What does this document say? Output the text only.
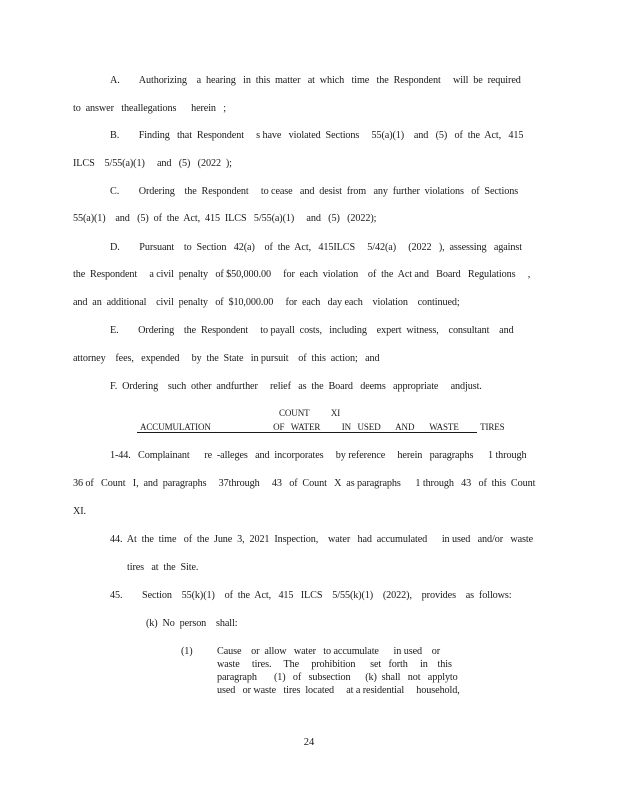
A.        Authorizing    a  hearing   in  this  matter   at  which   time   the  Respondent     will  be  required
to  answer   theallegations      herein   ;
B.        Finding   that  Respondent     s have   violated  Sections     55(a)(1)    and   (5)   of  the  Act,   415
ILCS    5/55(a)(1)     and   (5)   (2022  );
C.        Ordering    the  Respondent     to cease   and  desist  from   any  further  violations   of  Sections
55(a)(1)    and   (5)  of  the  Act,  415  ILCS   5/55(a)(1)     and   (5)   (2022);
D.        Pursuant    to  Section   42(a)    of  the  Act,   415ILCS     5/42(a)     (2022   ),  assessing   against
the  Respondent     a civil  penalty   of $50,000.00     for  each  violation    of  the  Act and   Board   Regulations     ,
and  an  additional    civil  penalty   of  $10,000.00     for  each   day each    violation    continued;
E.        Ordering    the  Respondent     to payall  costs,   including    expert  witness,    consultant    and
attorney    fees,   expended     by  the  State   in pursuit    of  this  action;   and
F.  Ordering    such  other  andfurther     relief   as  the  Board   deems   appropriate     andjust.
COUNT          XI
ACCUMULATION                             OF   WATER          IN   USED       AND       WASTE          TIRES
1-44.   Complainant      re  -alleges   and  incorporates     by reference     herein   paragraphs      1 through
36 of   Count   I,  and  paragraphs     37through     43   of  Count   X  as paragraphs      1 through   43   of  this  Count
XI.
44.  At  the  time   of  the  June  3,  2021  Inspection,    water   had  accumulated      in used   and/or   waste
tires   at  the  Site.
45.        Section    55(k)(1)    of  the  Act,   415   ILCS    5/55(k)(1)    (2022),    provides    as  follows:
(k)  No  person    shall:
(1) Cause    or  allow   water   to accumulate      in used    or
waste     tires.     The     prohibition      set   forth     in    this
paragraph       (1)   of   subsection      (k)  shall   not   applyto
used   or waste   tires  located     at a residential     household,
24
